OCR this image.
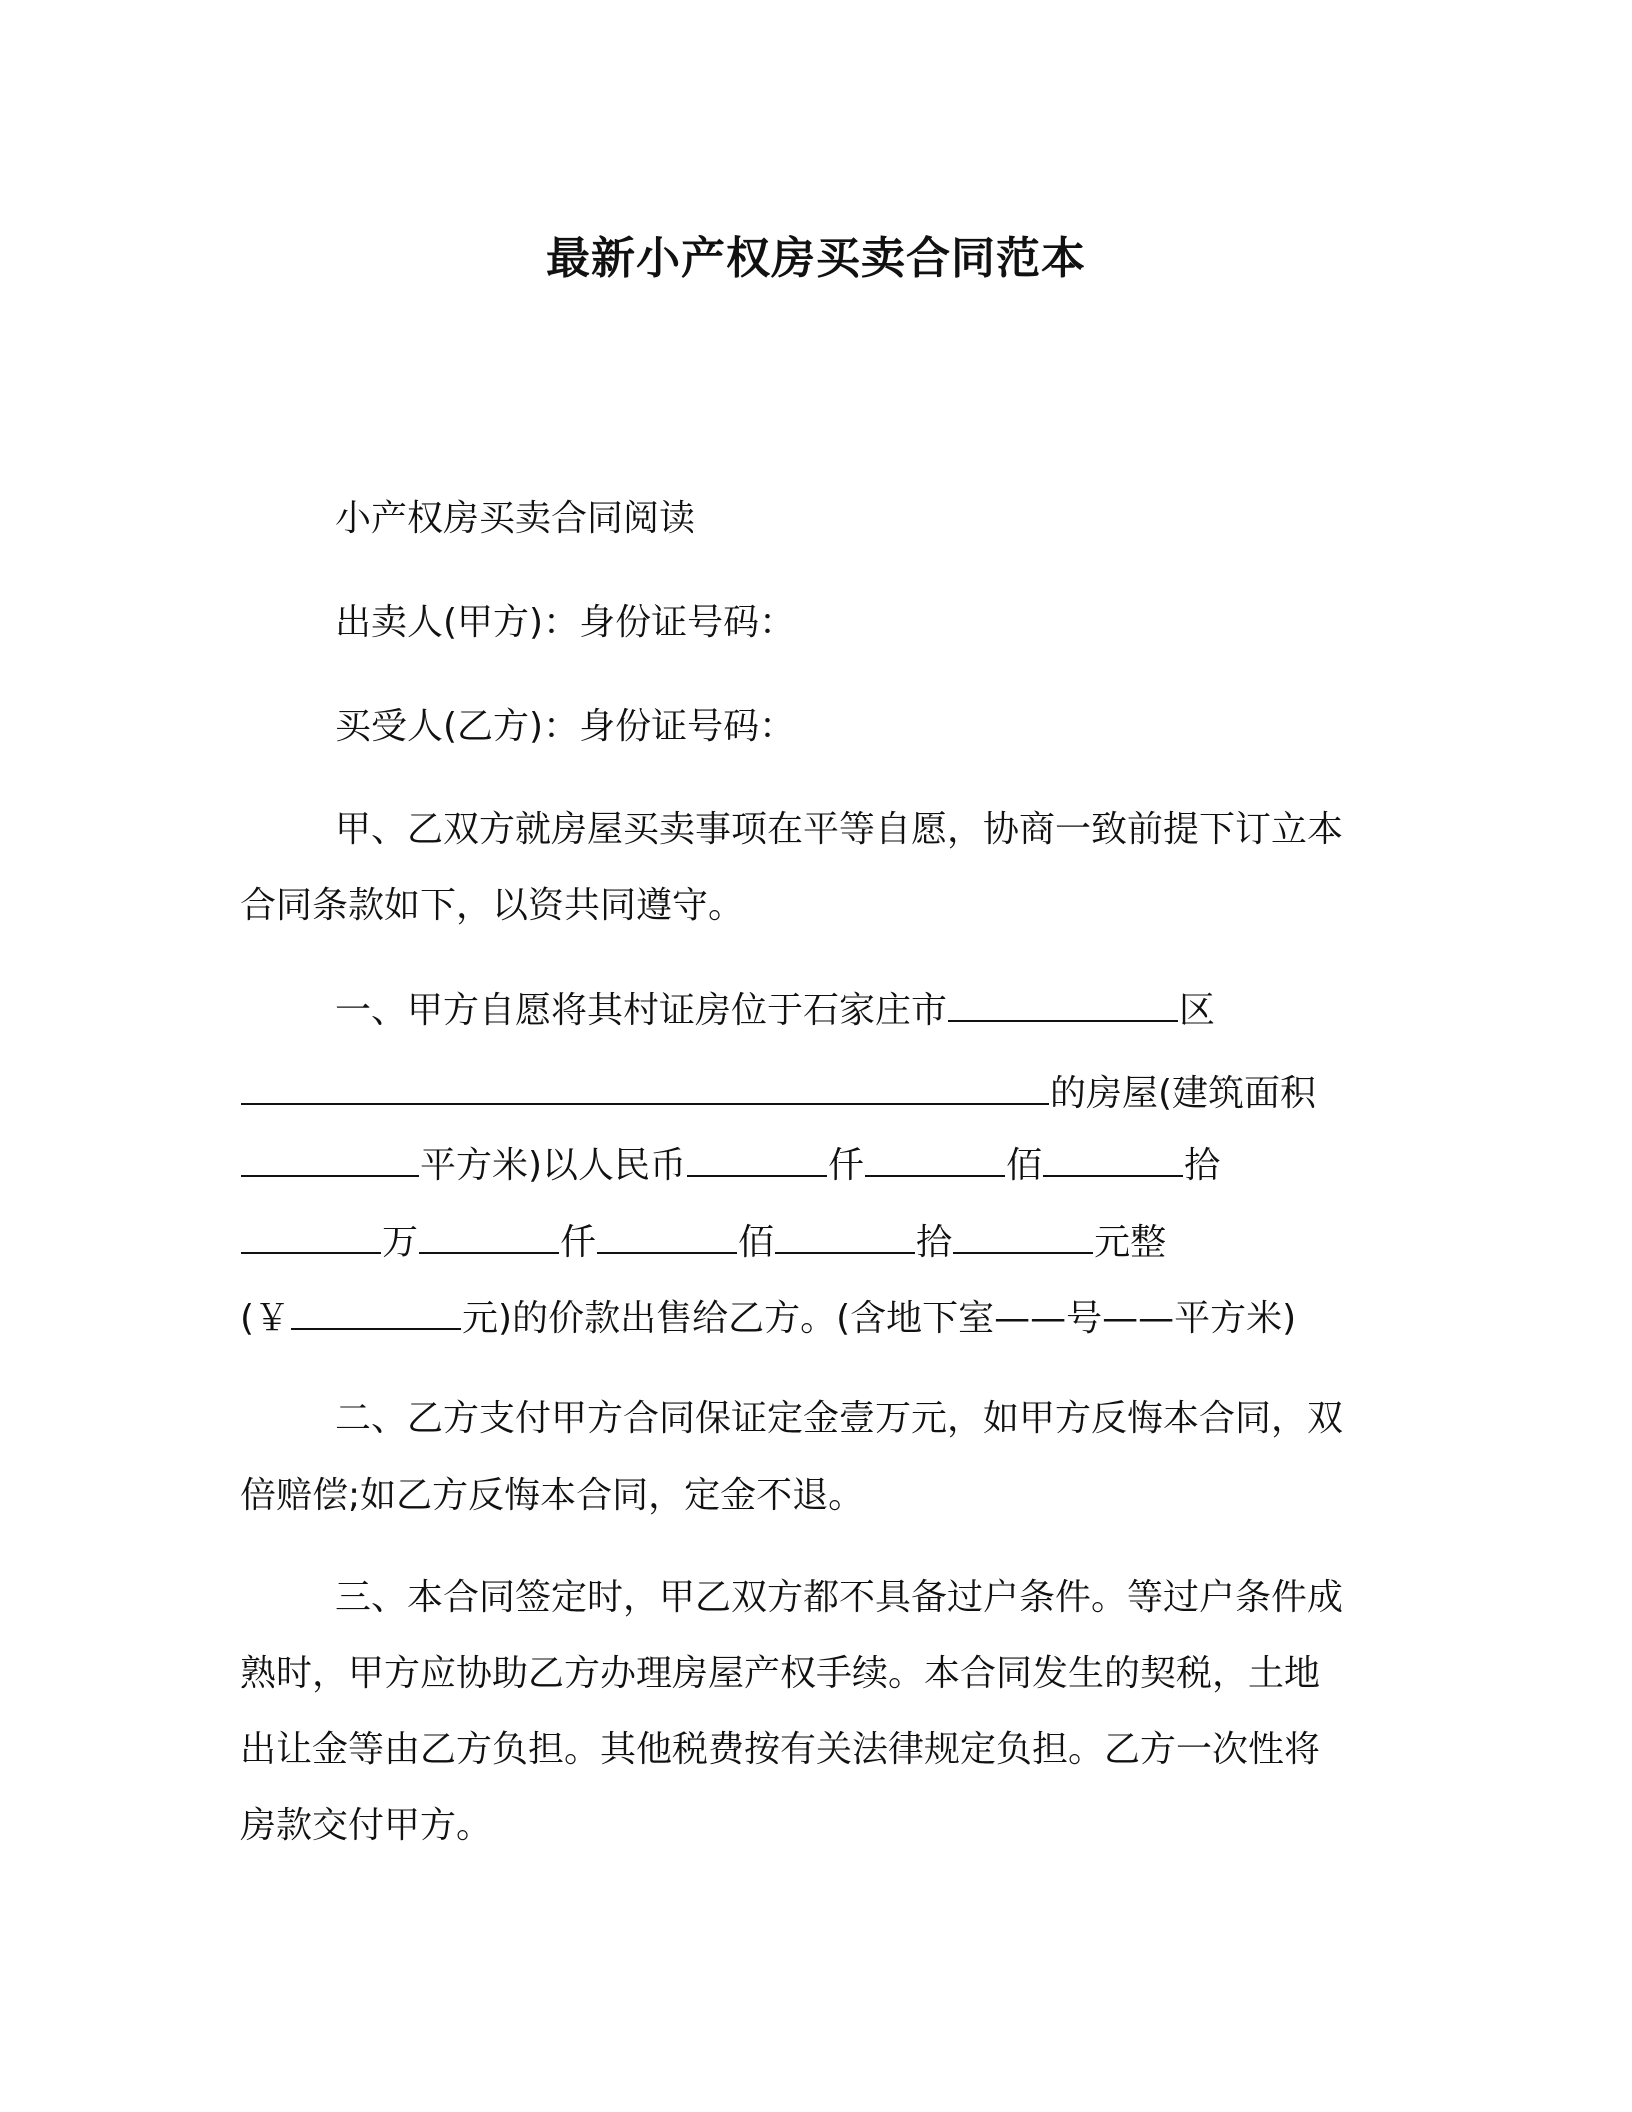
最新小产权房买卖合同范本

小产权房买卖合同阅读

出卖人(甲方)：身份证号码：

买受人(乙方)：身份证号码：

甲、乙双方就房屋买卖事项在平等自愿，协商一致前提下订立本

合同条款如下，以资共同遵守。

一、甲方自愿将其村证房位于石家庄市	区
的房屋(建筑面积
平方米)以人民币	仟	佰	拾
万	仟	佰	拾	元整
(￥	元)的价款出售给乙方。(含地下室——号——平方米)

二、乙方支付甲方合同保证定金壹万元，如甲方反悔本合同，双

倍赔偿;如乙方反悔本合同，定金不退。

三、本合同签定时，甲乙双方都不具备过户条件。等过户条件成

熟时，甲方应协助乙方办理房屋产权手续。本合同发生的契税，土地

出让金等由乙方负担。其他税费按有关法律规定负担。乙方一次性将

房款交付甲方。
